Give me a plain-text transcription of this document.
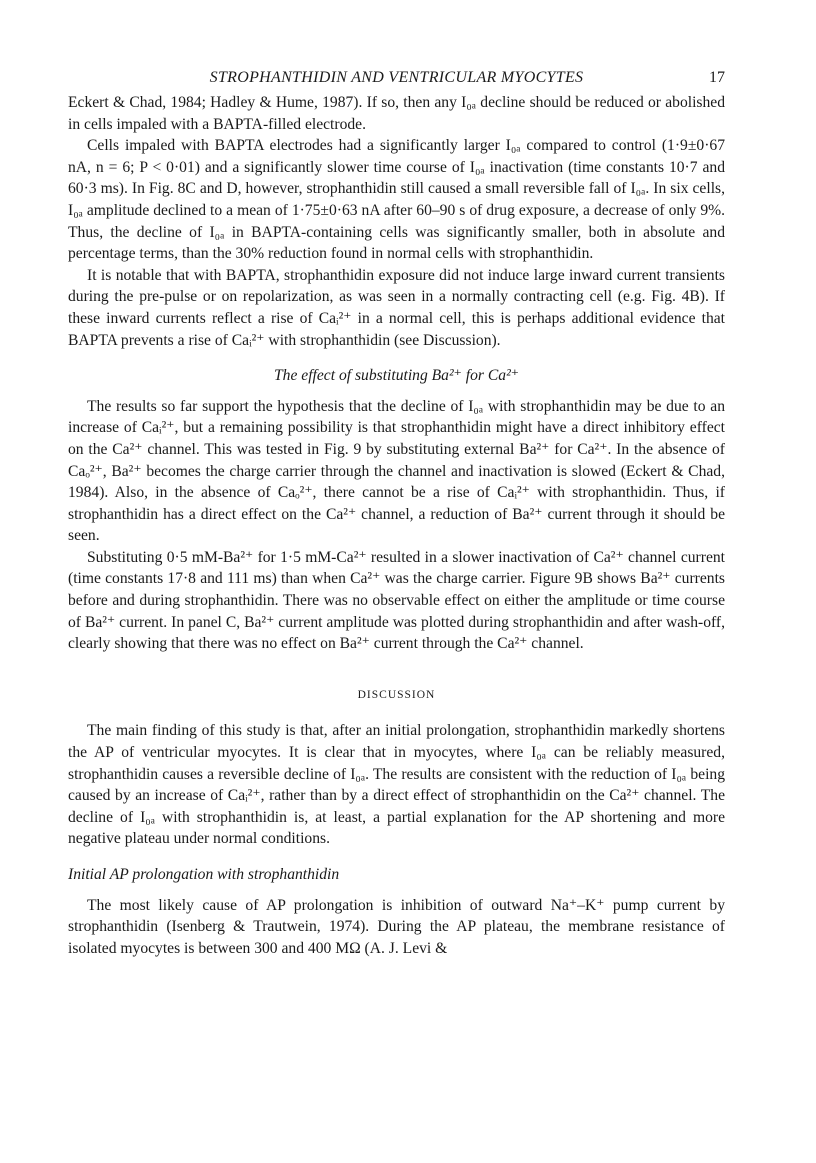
STROPHANTHIDIN AND VENTRICULAR MYOCYTES	17

Eckert & Chad, 1984; Hadley & Hume, 1987). If so, then any I₀ₐ decline should be reduced or abolished in cells impaled with a BAPTA-filled electrode.

Cells impaled with BAPTA electrodes had a significantly larger I₀ₐ compared to control (1·9±0·67 nA, n = 6; P < 0·01) and a significantly slower time course of I₀ₐ inactivation (time constants 10·7 and 60·3 ms). In Fig. 8C and D, however, strophanthidin still caused a small reversible fall of I₀ₐ. In six cells, I₀ₐ amplitude declined to a mean of 1·75±0·63 nA after 60–90 s of drug exposure, a decrease of only 9%. Thus, the decline of I₀ₐ in BAPTA-containing cells was significantly smaller, both in absolute and percentage terms, than the 30% reduction found in normal cells with strophanthidin.

It is notable that with BAPTA, strophanthidin exposure did not induce large inward current transients during the pre-pulse or on repolarization, as was seen in a normally contracting cell (e.g. Fig. 4B). If these inward currents reflect a rise of Caᵢ²⁺ in a normal cell, this is perhaps additional evidence that BAPTA prevents a rise of Caᵢ²⁺ with strophanthidin (see Discussion).

The effect of substituting Ba²⁺ for Ca²⁺

The results so far support the hypothesis that the decline of I₀ₐ with strophanthidin may be due to an increase of Caᵢ²⁺, but a remaining possibility is that strophanthidin might have a direct inhibitory effect on the Ca²⁺ channel. This was tested in Fig. 9 by substituting external Ba²⁺ for Ca²⁺. In the absence of Caₒ²⁺, Ba²⁺ becomes the charge carrier through the channel and inactivation is slowed (Eckert & Chad, 1984). Also, in the absence of Caₒ²⁺, there cannot be a rise of Caᵢ²⁺ with strophanthidin. Thus, if strophanthidin has a direct effect on the Ca²⁺ channel, a reduction of Ba²⁺ current through it should be seen.

Substituting 0·5 mM-Ba²⁺ for 1·5 mM-Ca²⁺ resulted in a slower inactivation of Ca²⁺ channel current (time constants 17·8 and 111 ms) than when Ca²⁺ was the charge carrier. Figure 9B shows Ba²⁺ currents before and during strophanthidin. There was no observable effect on either the amplitude or time course of Ba²⁺ current. In panel C, Ba²⁺ current amplitude was plotted during strophanthidin and after wash-off, clearly showing that there was no effect on Ba²⁺ current through the Ca²⁺ channel.

DISCUSSION

The main finding of this study is that, after an initial prolongation, strophanthidin markedly shortens the AP of ventricular myocytes. It is clear that in myocytes, where I₀ₐ can be reliably measured, strophanthidin causes a reversible decline of I₀ₐ. The results are consistent with the reduction of I₀ₐ being caused by an increase of Caᵢ²⁺, rather than by a direct effect of strophanthidin on the Ca²⁺ channel. The decline of I₀ₐ with strophanthidin is, at least, a partial explanation for the AP shortening and more negative plateau under normal conditions.

Initial AP prolongation with strophanthidin

The most likely cause of AP prolongation is inhibition of outward Na⁺–K⁺ pump current by strophanthidin (Isenberg & Trautwein, 1974). During the AP plateau, the membrane resistance of isolated myocytes is between 300 and 400 MΩ (A. J. Levi &
